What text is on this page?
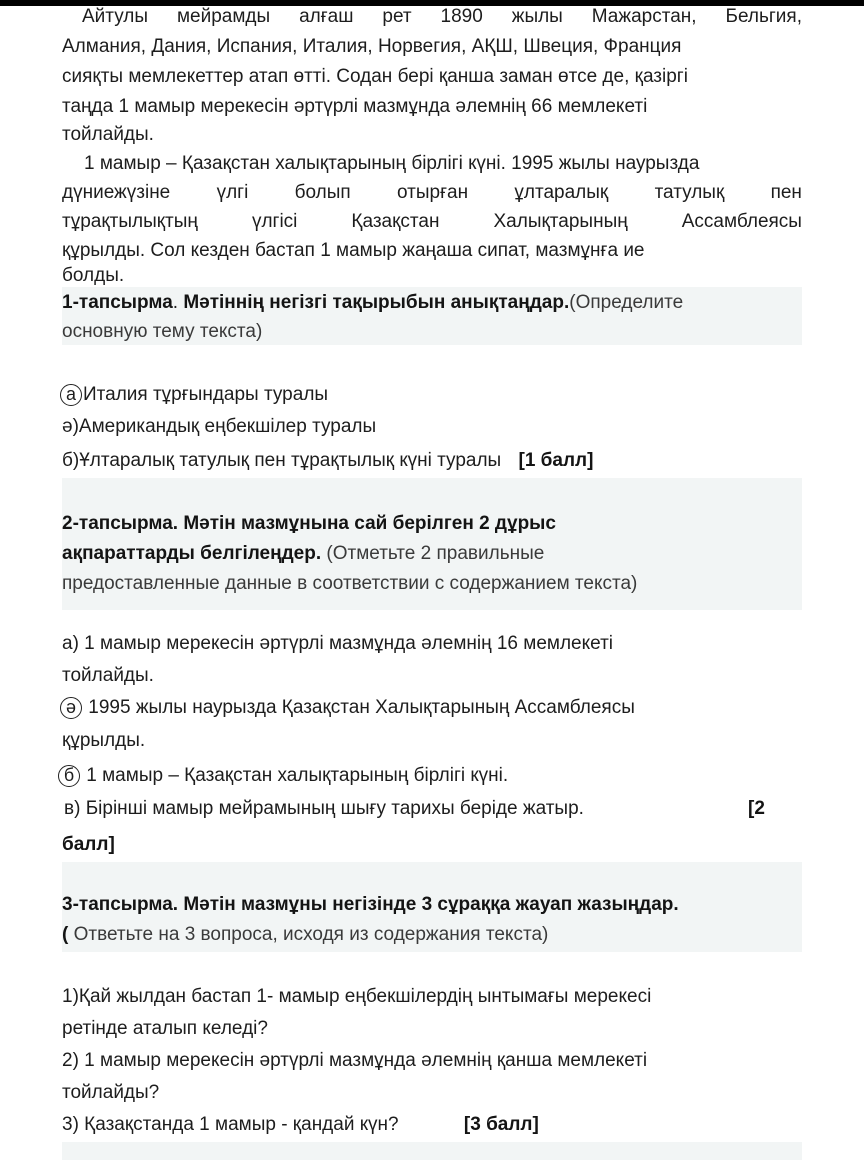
Айтулы мейрамды алғаш рет 1890 жылы Мажарстан, Бельгия,
Алмания, Дания, Испания, Италия, Норвегия, АҚШ, Швеция, Франция
сияқты мемлекеттер атап өтті. Содан бері қанша заман өтсе де, қазіргі
таңда 1 мамыр мерекесін әртүрлі мазмұнда әлемнің 66 мемлекеті
тойлайды.
1 мамыр – Қазақстан халықтарының бірлігі күні. 1995 жылы наурызда
дүниежүзіне үлгі болып отырған ұлтаралық татулық пен
тұрақтылықтың	үлгісі	Қазақстан	Халықтарының	Ассамблеясы
құрылды. Сол кезден бастап 1 мамыр жаңаша сипат, мазмұнға ие
болды.
1-тапсырма. Мәтіннің негізгі тақырыбын анықтаңдар.(Определите
основную тему текста)
а Италия тұрғындары туралы
ә)Американдық еңбекшілер туралы
б)Ұлтаралық татулық пен тұрақтылық күні туралы [1 балл]
2-тапсырма. Мәтін мазмұнына сай берілген 2 дұрыс
ақпараттарды белгілеңдер. (Отметьте 2 правильные
предоставленные данные в соответствии с содержанием текста)
а) 1 мамыр мерекесін әртүрлі мазмұнда әлемнің 16 мемлекеті
тойлайды.
ә 1995 жылы наурызда Қазақстан Халықтарының Ассамблеясы
құрылды.
б 1 мамыр – Қазақстан халықтарының бірлігі күні.
в) Бірінші мамыр мейрамының шығу тарихы беріде жатыр.	[2
балл]
3-тапсырма. Мәтін мазмұны негізінде 3 сұраққа жауап жазыңдар.
( Ответьте на 3 вопроса, исходя из содержания текста)
1)Қай жылдан бастап 1- мамыр еңбекшілердің ынтымағы мерекесі
ретінде аталып келеді?
2) 1 мамыр мерекесін әртүрлі мазмұнда әлемнің қанша мемлекеті
тойлайды?
3) Қазақстанда 1 мамыр - қандай күн?	[3 балл]
